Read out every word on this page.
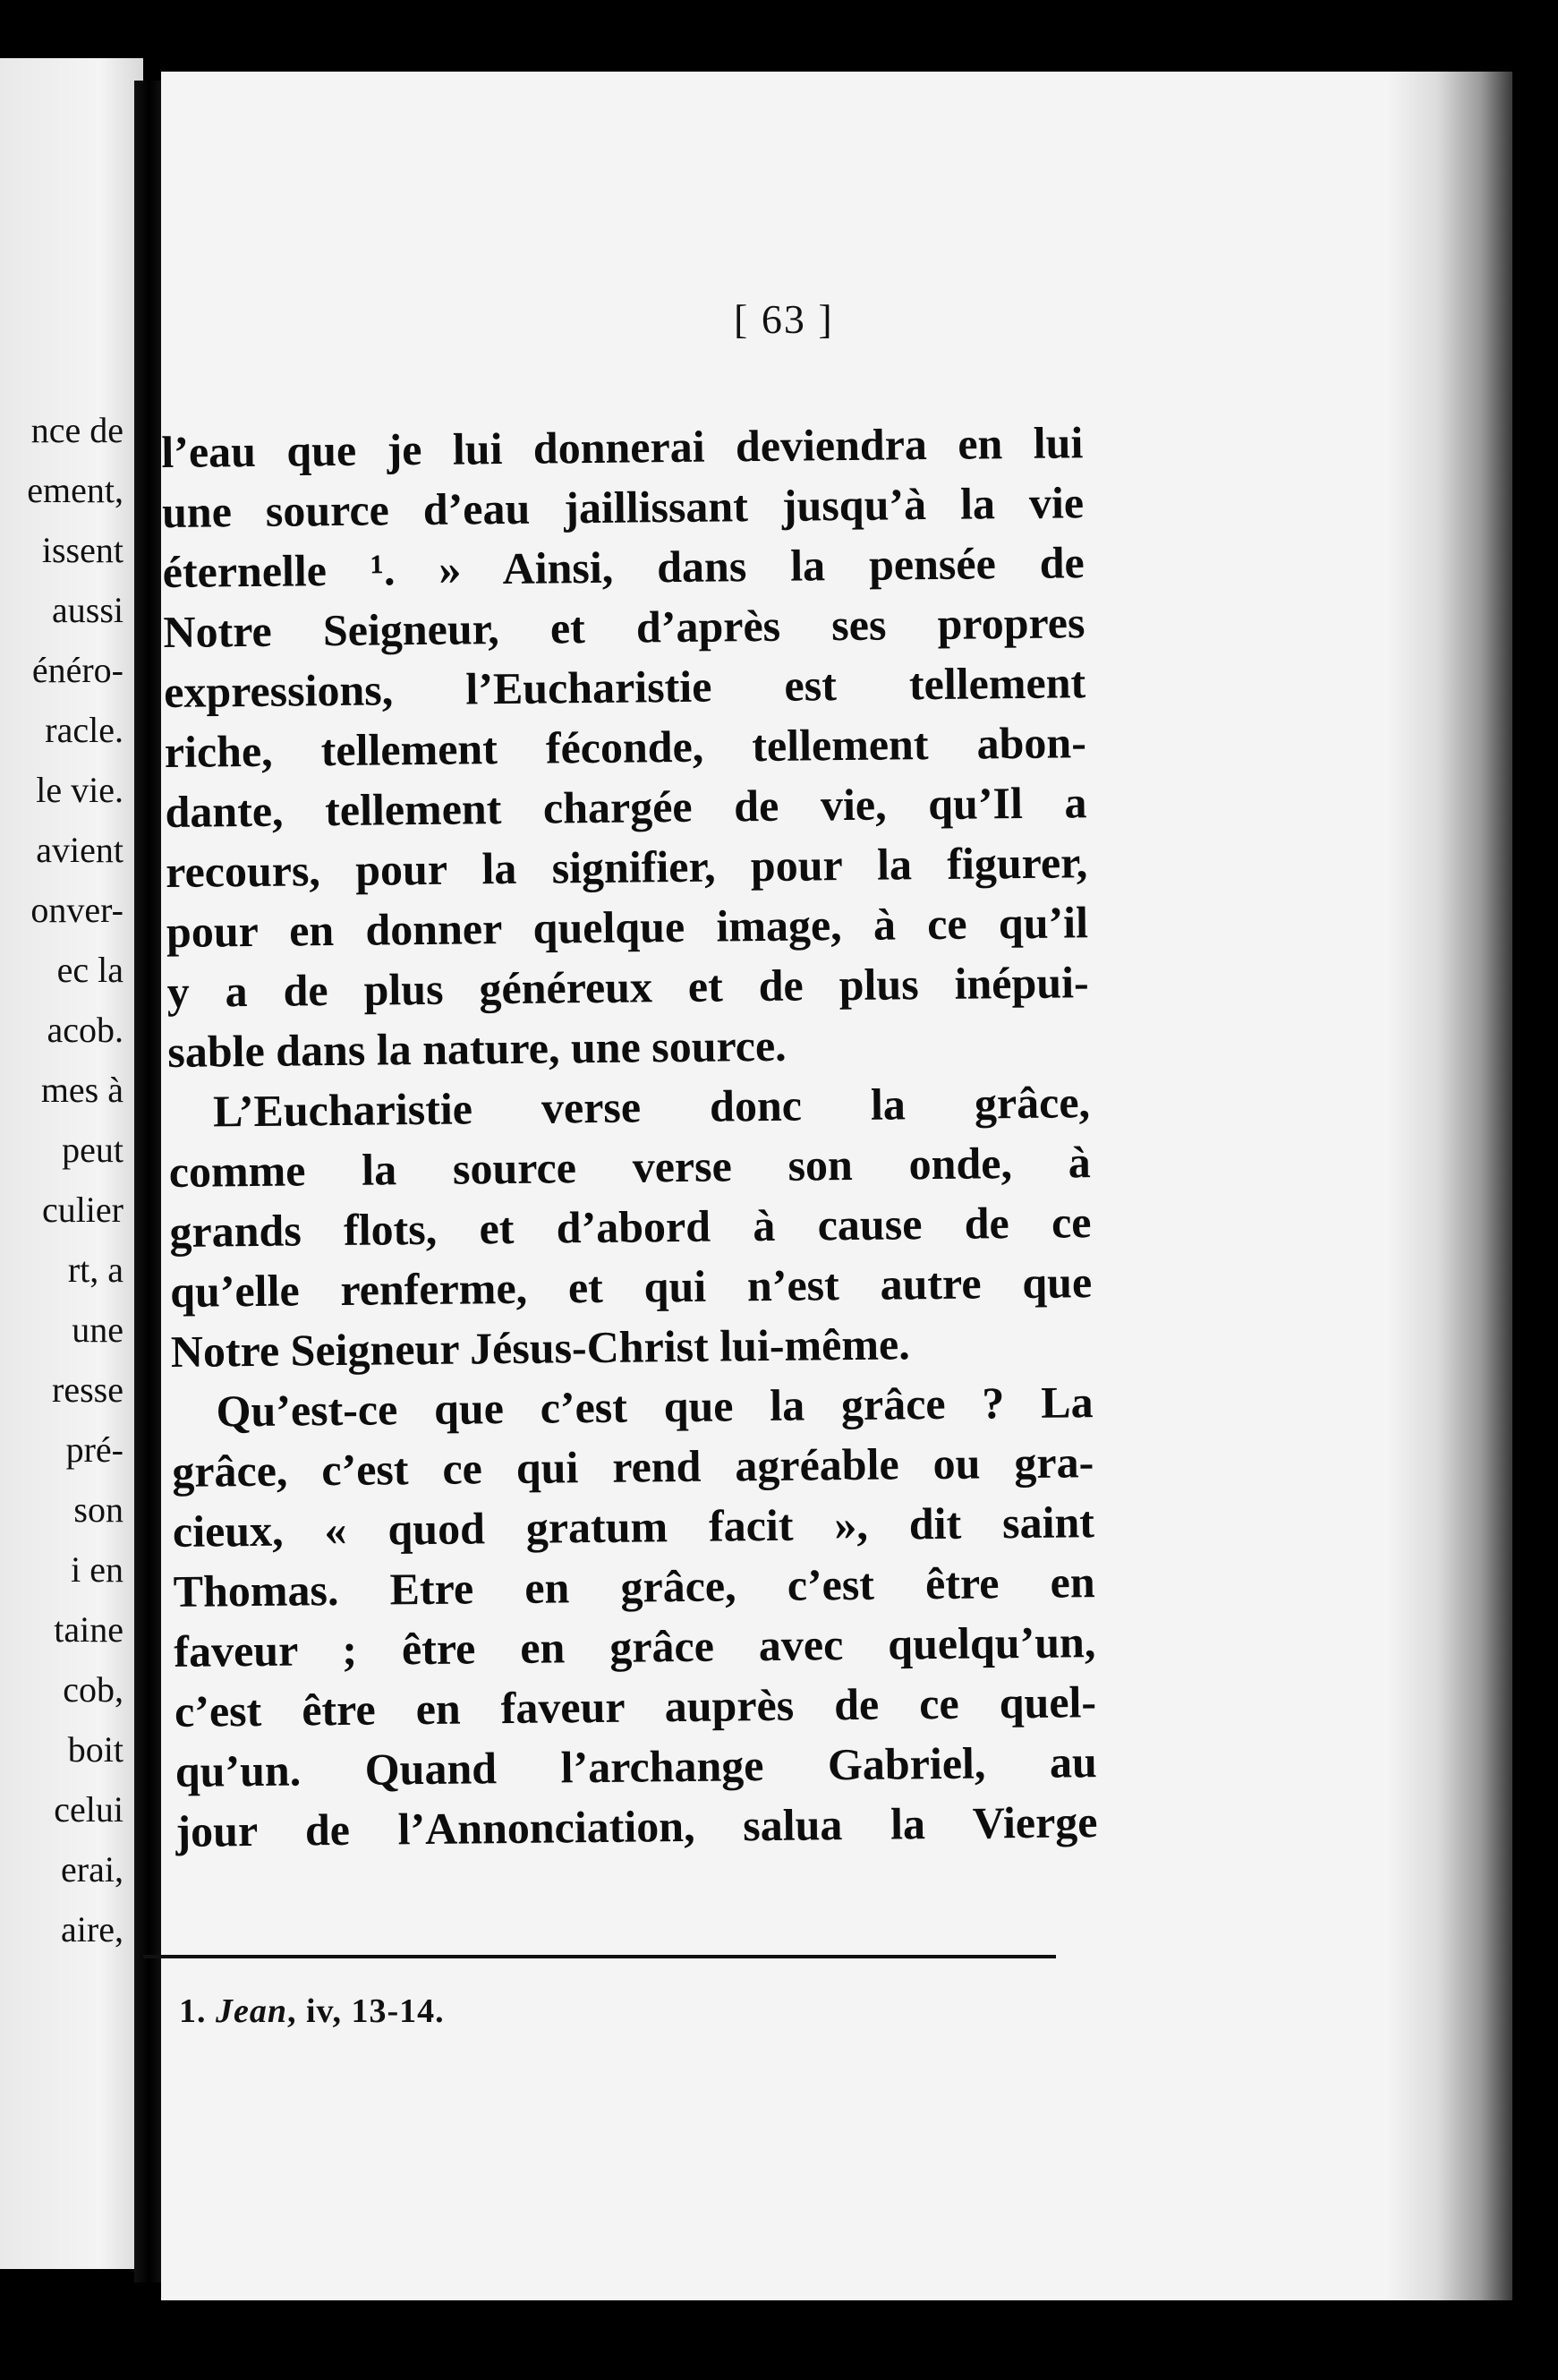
nce de
ement,
issent
aussi
énéro-
racle.
le vie.
avient
onver-
ec la
acob.
mes à
peut
culier
rt, a
une
resse
pré-
son
i en
taine
cob,
boit
celui
erai,
aire,
[ 63 ]
l’eau que je lui donnerai deviendra en lui
une source d’eau jaillissant jusqu’à la vie
éternelle ¹. » Ainsi, dans la pensée de
Notre Seigneur, et d’après ses propres
expressions, l’Eucharistie est tellement
riche, tellement féconde, tellement abon-
dante, tellement chargée de vie, qu’Il a
recours, pour la signifier, pour la figurer,
pour en donner quelque image, à ce qu’il
y a de plus généreux et de plus inépui-
sable dans la nature, une source.
L’Eucharistie verse donc la grâce,
comme la source verse son onde, à
grands flots, et d’abord à cause de ce
qu’elle renferme, et qui n’est autre que
Notre Seigneur Jésus-Christ lui-même.
Qu’est-ce que c’est que la grâce ? La
grâce, c’est ce qui rend agréable ou gra-
cieux, « quod gratum facit », dit saint
Thomas. Etre en grâce, c’est être en
faveur ; être en grâce avec quelqu’un,
c’est être en faveur auprès de ce quel-
qu’un. Quand l’archange Gabriel, au
jour de l’Annonciation, salua la Vierge
1. Jean, iv, 13-14.
